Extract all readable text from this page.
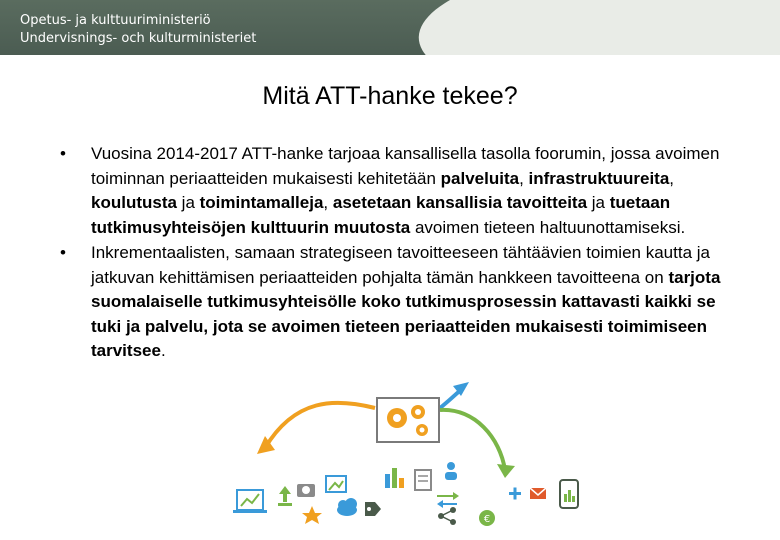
Opetus- ja kulttuuriministeriö
Undervisnings- och kulturministeriet
Mitä ATT-hanke tekee?
• Vuosina 2014-2017 ATT-hanke tarjoaa kansallisella tasolla foorumin, jossa avoimen toiminnan periaatteiden mukaisesti kehitetään palveluita, infrastruktuureita, koulutusta ja toimintamalleja, asetetaan kansallisia tavoitteita ja tuetaan tutkimusyhteisöjen kulttuurin muutosta avoimen tieteen haltuunottamiseksi.
• Inkrementaalisten, samaan strategiseen tavoitteeseen tähtäävien toimien kautta ja jatkuvan kehittämisen periaatteiden pohjalta tämän hankkeen tavoitteena on tarjota suomalaiselle tutkimusyhteisölle koko tutkimusprosessin kattavasti kaikki se tuki ja palvelu, jota se avoimen tieteen periaatteiden mukaisesti toimimiseen tarvitsee.
€
